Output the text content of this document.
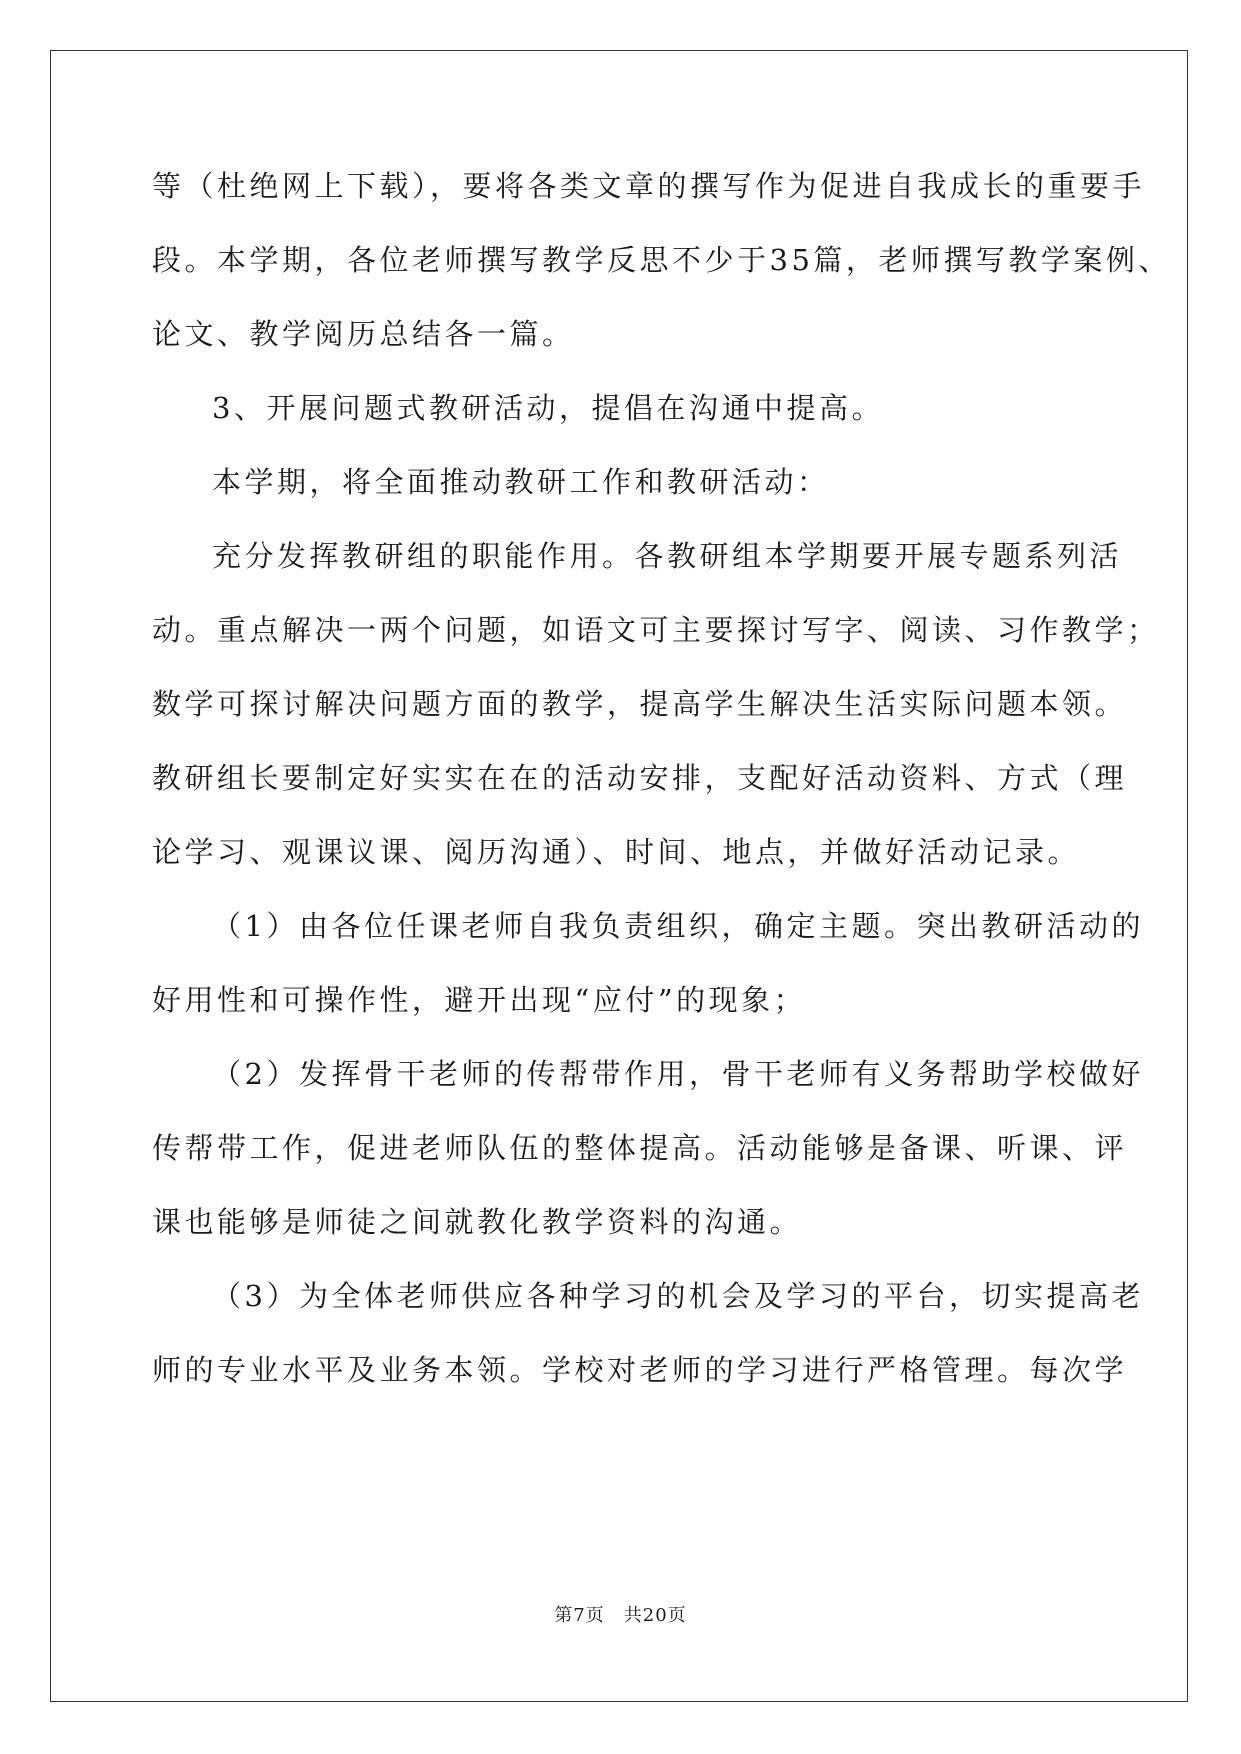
等（杜绝网上下载），要将各类文章的撰写作为促进自我成长的重要手
段。本学期，各位老师撰写教学反思不少于35篇，老师撰写教学案例、
论文、教学阅历总结各一篇。
3、开展问题式教研活动，提倡在沟通中提高。
本学期，将全面推动教研工作和教研活动：
充分发挥教研组的职能作用。各教研组本学期要开展专题系列活
动。重点解决一两个问题，如语文可主要探讨写字、阅读、习作教学；
数学可探讨解决问题方面的教学，提高学生解决生活实际问题本领。
教研组长要制定好实实在在的活动安排，支配好活动资料、方式（理
论学习、观课议课、阅历沟通）、时间、地点，并做好活动记录。
（1）由各位任课老师自我负责组织，确定主题。突出教研活动的
好用性和可操作性，避开出现“应付”的现象；
（2）发挥骨干老师的传帮带作用，骨干老师有义务帮助学校做好
传帮带工作，促进老师队伍的整体提高。活动能够是备课、听课、评
课也能够是师徒之间就教化教学资料的沟通。
（3）为全体老师供应各种学习的机会及学习的平台，切实提高老
师的专业水平及业务本领。学校对老师的学习进行严格管理。每次学
第7页　共20页
